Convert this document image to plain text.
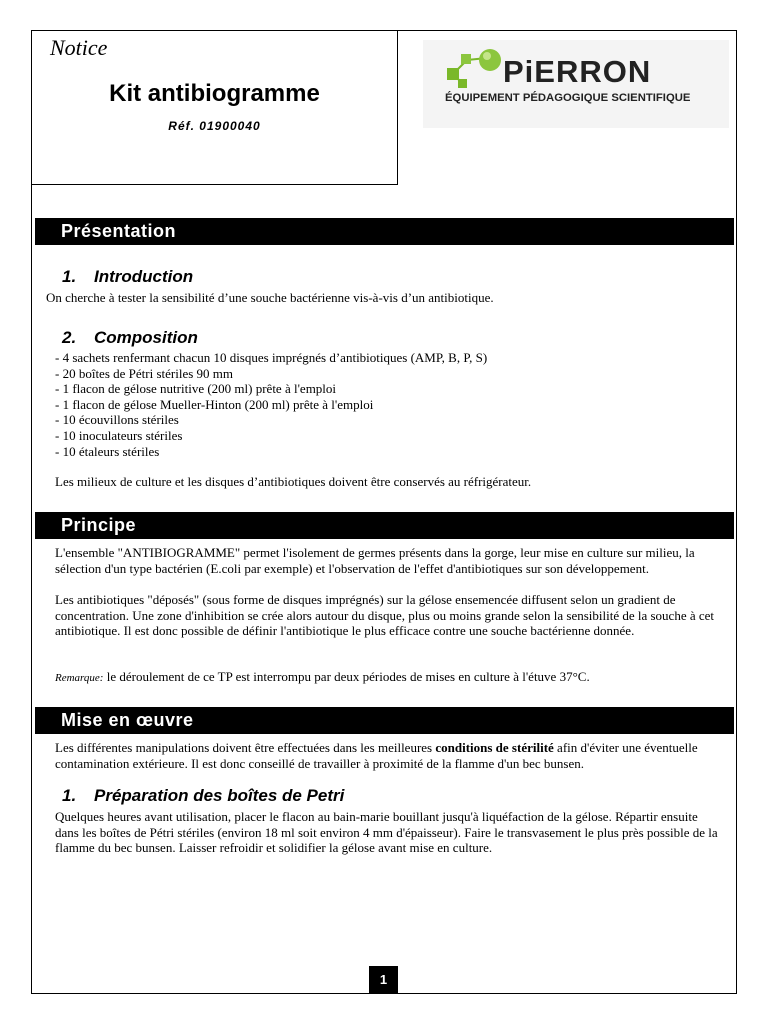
Notice
Kit antibiogramme
Réf. 01900040
PiERRON
ÉQUIPEMENT PÉDAGOGIQUE SCIENTIFIQUE
Présentation
1. Introduction
On cherche à tester la sensibilité d’une souche bactérienne vis-à-vis d’un antibiotique.
2. Composition
- 4 sachets renfermant chacun 10 disques imprégnés d’antibiotiques (AMP, B, P, S)
- 20 boîtes de Pétri stériles 90 mm
- 1 flacon de gélose nutritive (200 ml) prête à l'emploi
- 1 flacon de gélose Mueller-Hinton (200 ml) prête à l'emploi
- 10 écouvillons stériles
- 10 inoculateurs stériles
- 10 étaleurs stériles
Les milieux de culture et les disques d’antibiotiques doivent être conservés au réfrigérateur.
Principe
L'ensemble "ANTIBIOGRAMME" permet l'isolement de germes présents dans la gorge, leur mise en culture sur milieu, la sélection d'un type bactérien (E.coli par exemple) et l'observation de l'effet d'antibiotiques sur son développement.
Les antibiotiques "déposés" (sous forme de disques imprégnés) sur la gélose ensemencée diffusent selon un gradient de concentration. Une zone d'inhibition se crée alors autour du disque, plus ou moins grande selon la sensibilité de la souche à cet antibiotique. Il est donc possible de définir l'antibiotique le plus efficace contre une souche bactérienne donnée.
Remarque: le déroulement de ce TP est interrompu par deux périodes de mises en culture à l'étuve 37°C.
Mise en œuvre
Les différentes manipulations doivent être effectuées dans les meilleures conditions de stérilité afin d'éviter une éventuelle contamination extérieure. Il est donc conseillé de travailler à proximité de la flamme d'un bec bunsen.
1. Préparation des boîtes de Petri
Quelques heures avant utilisation, placer le flacon au bain-marie bouillant jusqu'à liquéfaction de la gélose. Répartir ensuite dans les boîtes de Pétri stériles (environ 18 ml soit environ 4 mm d'épaisseur). Faire le transvasement le plus près possible de la flamme du bec bunsen. Laisser refroidir et solidifier la gélose avant mise en culture.
1
